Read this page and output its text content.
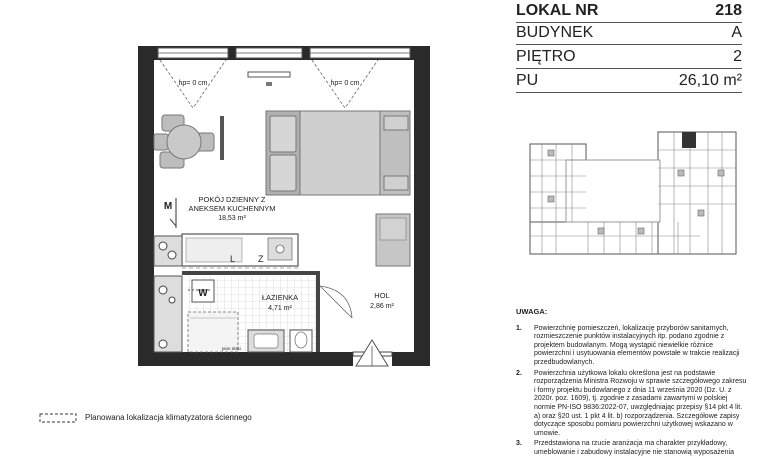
hp= 0 cm	hp= 0 cm
POKÓJ DZIENNY Z
ANEKSEM KUCHENNYM
18,53 m²
M
L	Z
W	ŁAZIENKA
4,71 m²
pion niski
HOL
2,86 m²
Planowana lokalizacja klimatyzatora ściennego
LOKAL NR	218
BUDYNEK	A
PIĘTRO	2
PU	26,10 m²
UWAGA:
1. Powierzchnię pomieszczeń, lokalizację przyborów sanitarnych, rozmieszczenie punktów instalacyjnych itp. podano zgodnie z projektem budowlanym. Mogą wystąpić niewielkie różnice powierzchni i usytuowania elementów powstałe w trakcie realizacji przedbudowlanych.
2. Powierzchnia użytkowa lokalu określona jest na podstawie rozporządzenia Ministra Rozwoju w sprawie szczegółowego zakresu i formy projektu budowlanego z dnia 11 września 2020 (Dz. U. z 2020r. poz. 1609), tj. zgodnie z zasadami zawartymi w polskiej normie PN-ISO 9836:2022-07, uwzględniając przepisy §14 pkt 4 lit. a) oraz §20 ust. 1 pkt 4 lit. b) rozporządzenia. Szczegółowe zapisy dotyczące sposobu pomiaru powierzchni użytkowej wskazano w umowie.
3. Przedstawiona na rzucie aranżacja ma charakter przykładowy, umeblowanie i zabudowy instalacyjne nie stanowią wyposażenia
